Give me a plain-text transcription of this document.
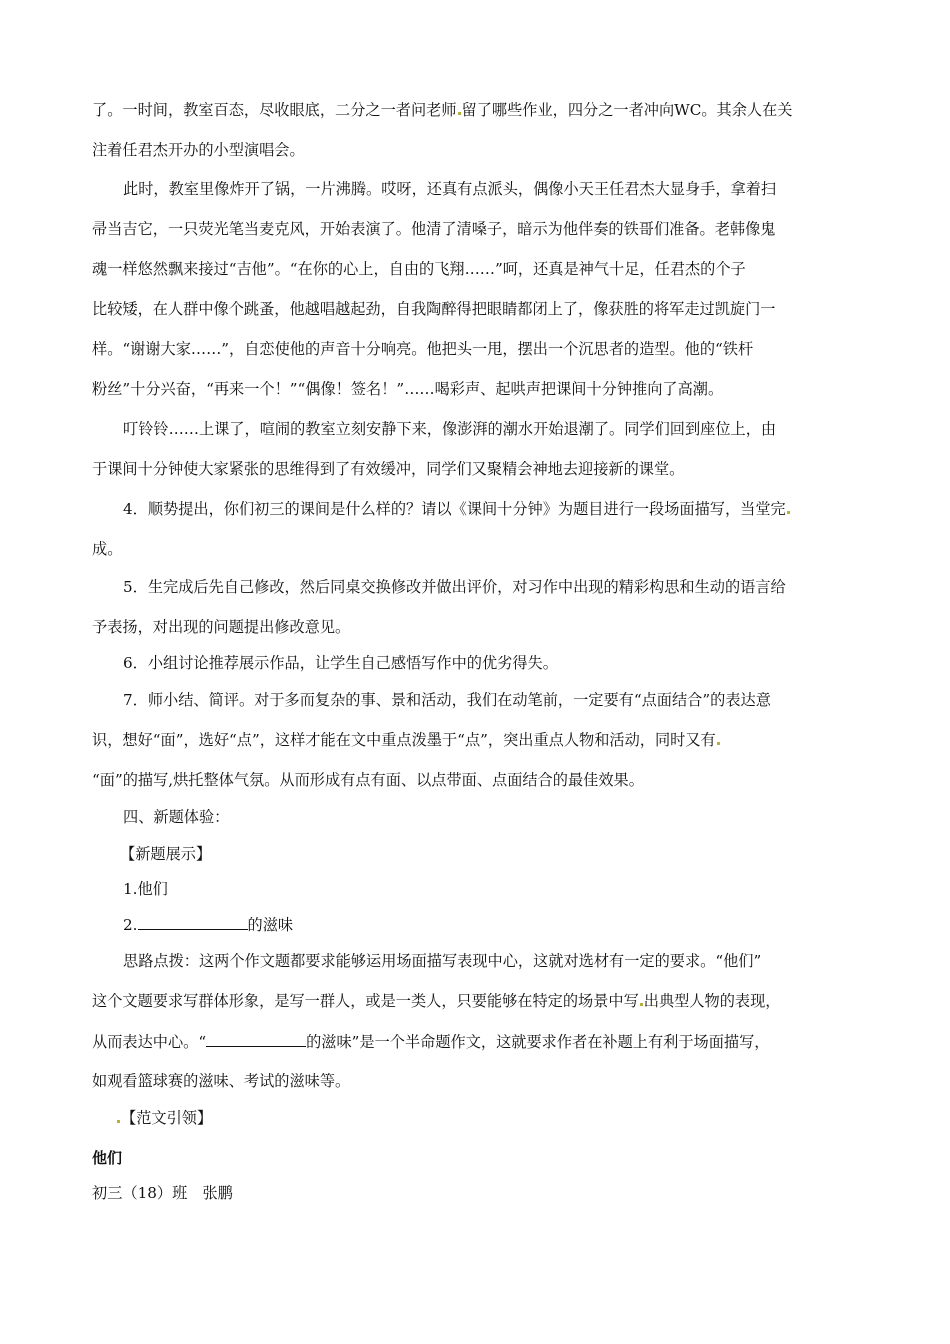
了。一时间，教室百态，尽收眼底，二分之一者问老师 留了哪些作业，四分之一者冲向WC。其余人在关
注着任君杰开办的小型演唱会。
此时，教室里像炸开了锅，一片沸腾。哎呀，还真有点派头，偶像小天王任君杰大显身手，拿着扫
帚当吉它，一只荧光笔当麦克风，开始表演了。他清了清嗓子，暗示为他伴奏的铁哥们准备。老韩像鬼
魂一样悠然飘来接过“吉他”。“在你的心上，自由的飞翔……”呵，还真是神气十足，任君杰的个子
比较矮，在人群中像个跳蚤，他越唱越起劲，自我陶醉得把眼睛都闭上了，像获胜的将军走过凯旋门一
样。“谢谢大家……”，自恋使他的声音十分响亮。他把头一甩，摆出一个沉思者的造型。他的“铁杆
粉丝”十分兴奋，“再来一个！”“偶像！签名！”……喝彩声、起哄声把课间十分钟推向了高潮。
叮铃铃……上课了，喧闹的教室立刻安静下来，像澎湃的潮水开始退潮了。同学们回到座位上，由
于课间十分钟使大家紧张的思维得到了有效缓冲，同学们又聚精会神地去迎接新的课堂。
4．顺势提出，你们初三的课间是什么样的？请以《课间十分钟》为题目进行一段场面描写，当堂完
成。
5．生完成后先自己修改，然后同桌交换修改并做出评价，对习作中出现的精彩构思和生动的语言给
予表扬，对出现的问题提出修改意见。
6．小组讨论推荐展示作品，让学生自己感悟写作中的优劣得失。
7．师小结、简评。对于多而复杂的事、景和活动，我们在动笔前，一定要有“点面结合”的表达意
识，想好“面”，选好“点”，这样才能在文中重点泼墨于“点”，突出重点人物和活动，同时又有
“面”的描写,烘托整体气氛。从而形成有点有面、以点带面、点面结合的最佳效果。
四、新题体验：
【新题展示】
1.他们
2.	的滋味
思路点拨：这两个作文题都要求能够运用场面描写表现中心，这就对选材有一定的要求。“他们”
这个文题要求写群体形象，是写一群人，或是一类人，只要能够在特定的场景中写 出典型人物的表现，
从而表达中心。“	的滋味”是一个半命题作文，这就要求作者在补题上有利于场面描写，
如观看篮球赛的滋味、考试的滋味等。
【范文引领】
他们
初三（18）班　张鹏
